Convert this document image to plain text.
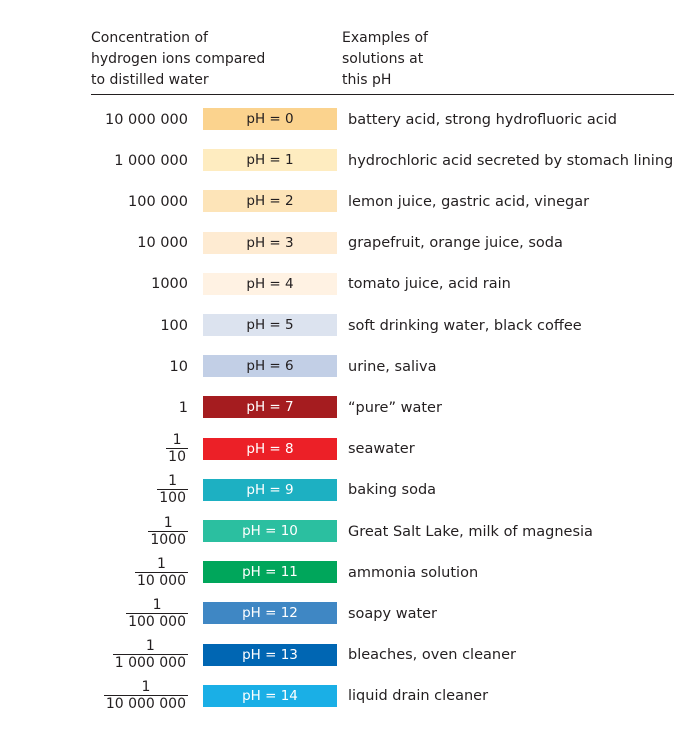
Concentration of
hydrogen ions compared
to distilled water
Examples of
solutions at
this pH
10 000 000	pH = 0	battery acid, strong hydrofluoric acid
1 000 000	pH = 1	hydrochloric acid secreted by stomach lining
100 000	pH = 2	lemon juice, gastric acid, vinegar
10 000	pH = 3	grapefruit, orange juice, soda
1000	pH = 4	tomato juice, acid rain
100	pH = 5	soft drinking water, black coffee
10	pH = 6	urine, saliva
1	pH = 7	“pure” water
$\frac{1}{10}$	pH = 8	seawater
$\frac{1}{100}$	pH = 9	baking soda
$\frac{1}{1000}$	pH = 10	Great Salt Lake, milk of magnesia
$\frac{1}{10 000}$	pH = 11	ammonia solution
$\frac{1}{100 000}$	pH = 12	soapy water
$\frac{1}{1 000 000}$	pH = 13	bleaches, oven cleaner
$\frac{1}{10 000 000}$	pH = 14	liquid drain cleaner
